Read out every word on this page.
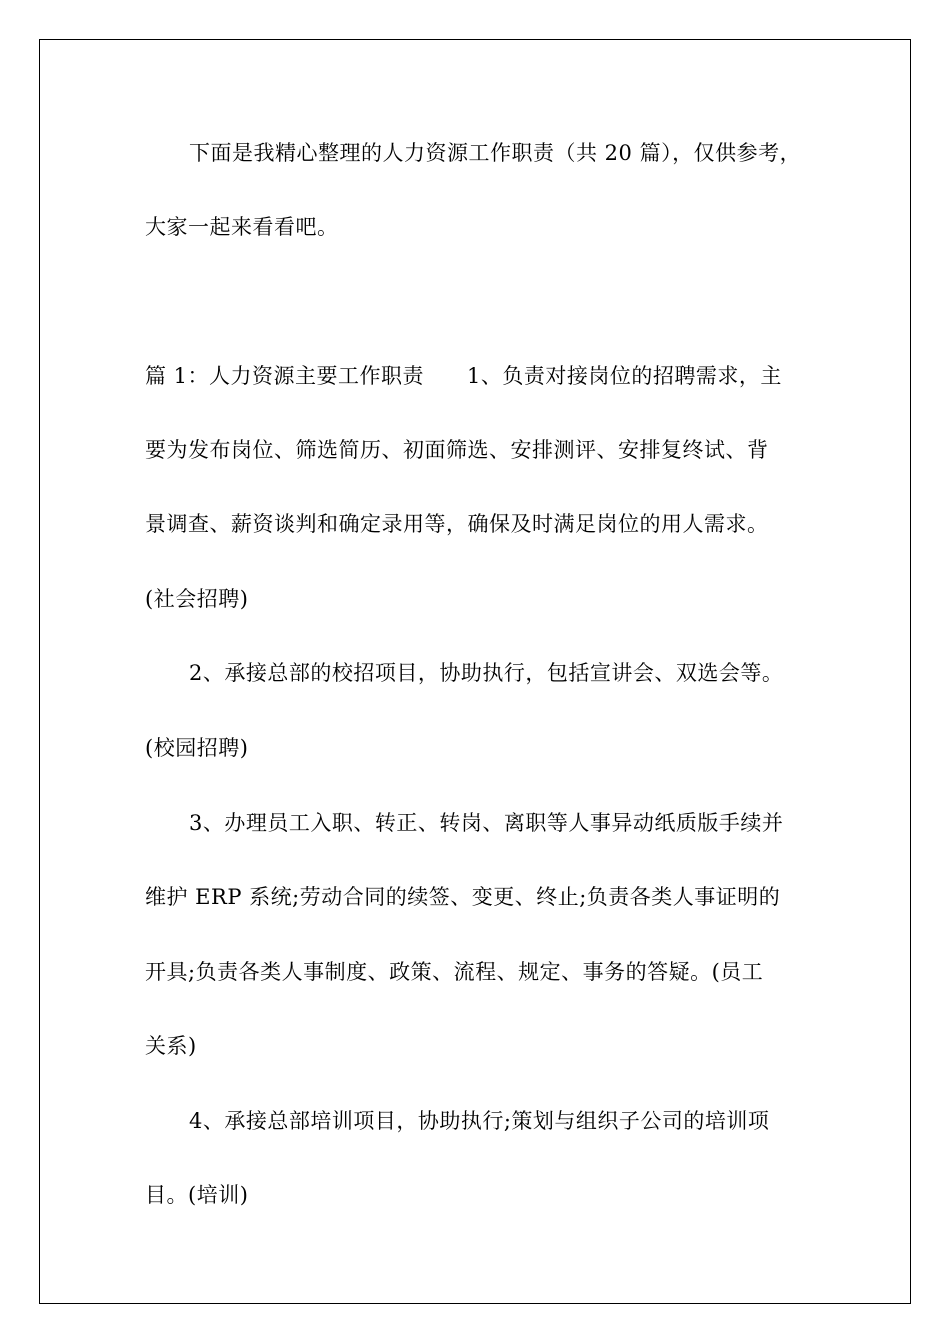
下面是我精心整理的人力资源工作职责（共 20 篇），仅供参考，
大家一起来看看吧。
篇 1：人力资源主要工作职责　　1、负责对接岗位的招聘需求，主
要为发布岗位、筛选简历、初面筛选、安排测评、安排复终试、背
景调查、薪资谈判和确定录用等，确保及时满足岗位的用人需求。
(社会招聘)
2、承接总部的校招项目，协助执行，包括宣讲会、双选会等。
(校园招聘)
3、办理员工入职、转正、转岗、离职等人事异动纸质版手续并
维护 ERP 系统;劳动合同的续签、变更、终止;负责各类人事证明的
开具;负责各类人事制度、政策、流程、规定、事务的答疑。(员工
关系)
4、承接总部培训项目，协助执行;策划与组织子公司的培训项
目。(培训)
